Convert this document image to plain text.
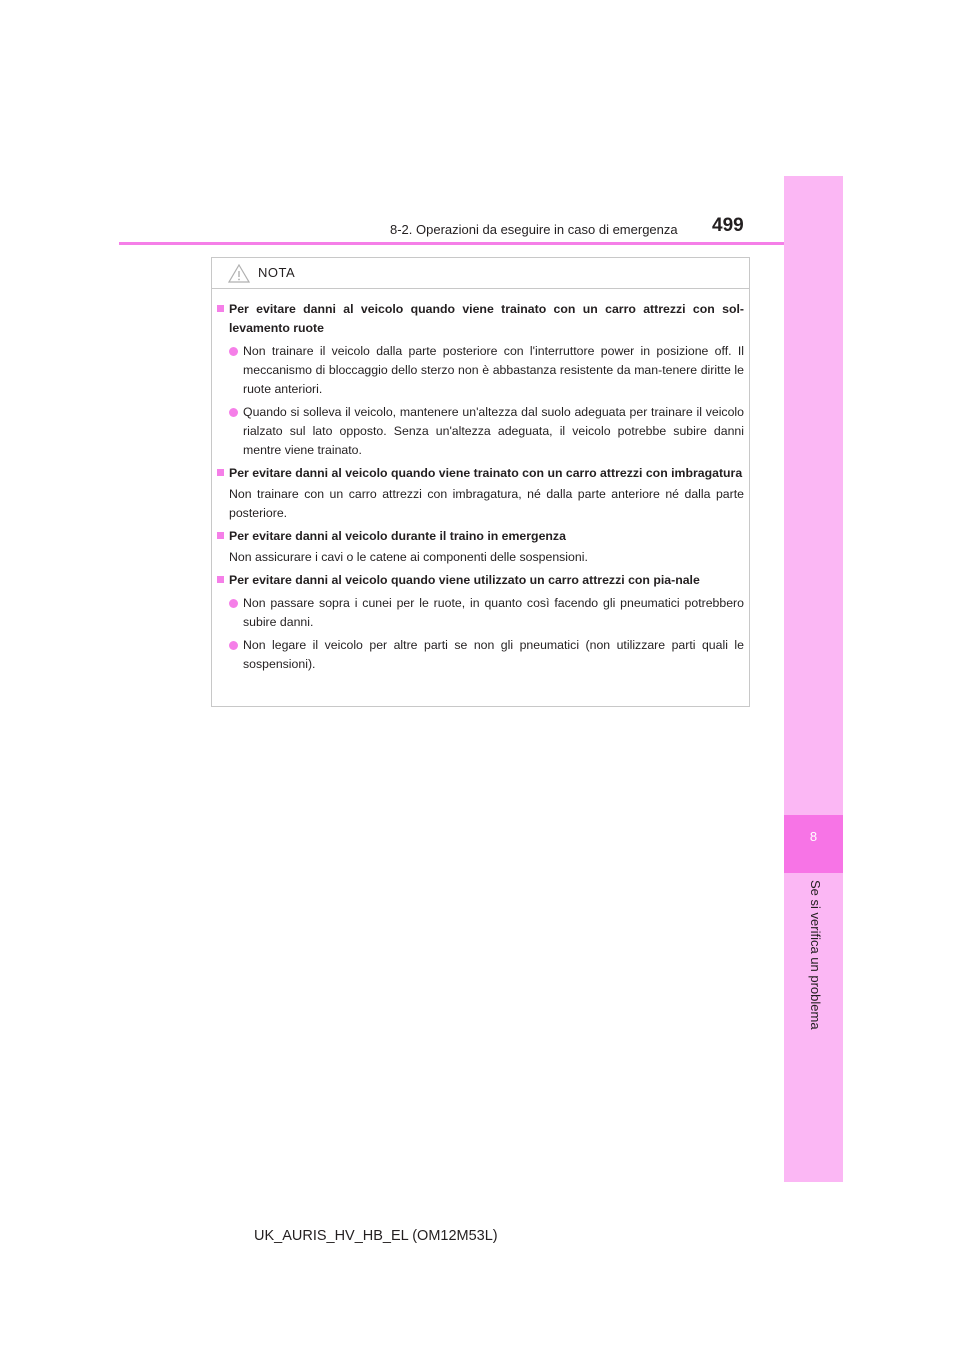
8
Se si verifica un problema
8-2. Operazioni da eseguire in caso di emergenza 499
NOTA

Per evitare danni al veicolo quando viene trainato con un carro attrezzi con sol-levamento ruote

Non trainare il veicolo dalla parte posteriore con l'interruttore power in posizione off. Il meccanismo di bloccaggio dello sterzo non è abbastanza resistente da man-tenere diritte le ruote anteriori.

Quando si solleva il veicolo, mantenere un'altezza dal suolo adeguata per trainare il veicolo rialzato sul lato opposto. Senza un'altezza adeguata, il veicolo potrebbe subire danni mentre viene trainato.

Per evitare danni al veicolo quando viene trainato con un carro attrezzi con imbragatura

Non trainare con un carro attrezzi con imbragatura, né dalla parte anteriore né dalla parte posteriore.

Per evitare danni al veicolo durante il traino in emergenza

Non assicurare i cavi o le catene ai componenti delle sospensioni.

Per evitare danni al veicolo quando viene utilizzato un carro attrezzi con pia-nale

Non passare sopra i cunei per le ruote, in quanto così facendo gli pneumatici potrebbero subire danni.

Non legare il veicolo per altre parti se non gli pneumatici (non utilizzare parti quali le sospensioni).

UK_AURIS_HV_HB_EL (OM12M53L)
